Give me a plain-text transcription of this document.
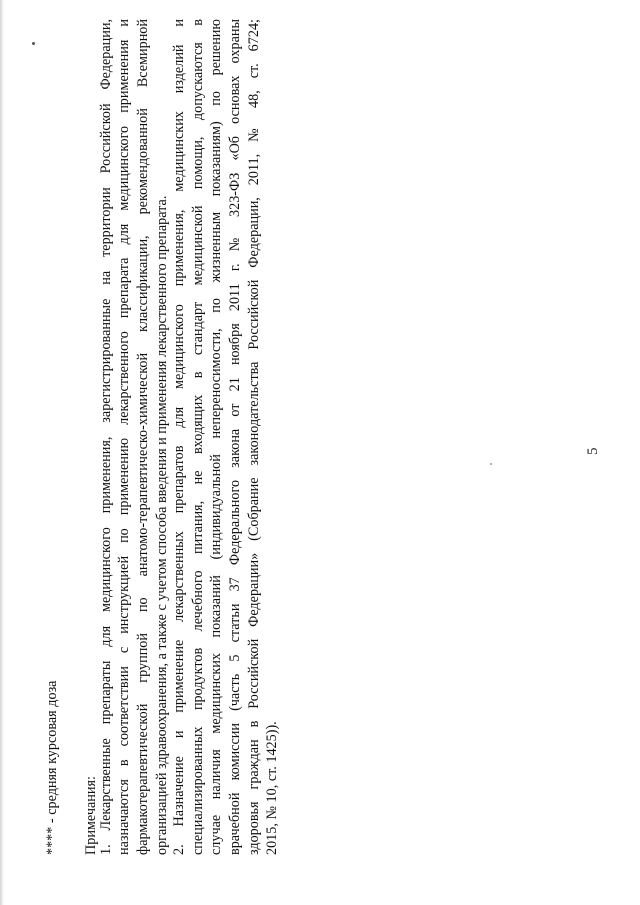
**** - средняя курсовая доза Примечания: 1. Лекарственные препараты для медицинского применения, зарегистрированные на территории Российской Федерации, назначаются в соответствии с инструкцией по применению лекарственного препарата для медицинского применения и фармакотерапевтической группой по анатомо-терапевтическо-химической классификации, рекомендованной Всемирной организацией здравоохранения, а также с учетом способа введения и применения лекарственного препарата. 2. Назначение и применение лекарственных препаратов для медицинского применения, медицинских изделий и специализированных продуктов лечебного питания, не входящих в стандарт медицинской помощи, допускаются в случае наличия медицинских показаний (индивидуальной непереносимости, по жизненным показаниям) по решению врачебной комиссии (часть 5 статьи 37 Федерального закона от 21 ноября 2011 г. № 323-ФЗ «Об основах охраны здоровья граждан в Российской Федерации» (Собрание законодательства Российской Федерации, 2011, № 48, ст. 6724; 2015, № 10, ст. 1425)).
5
